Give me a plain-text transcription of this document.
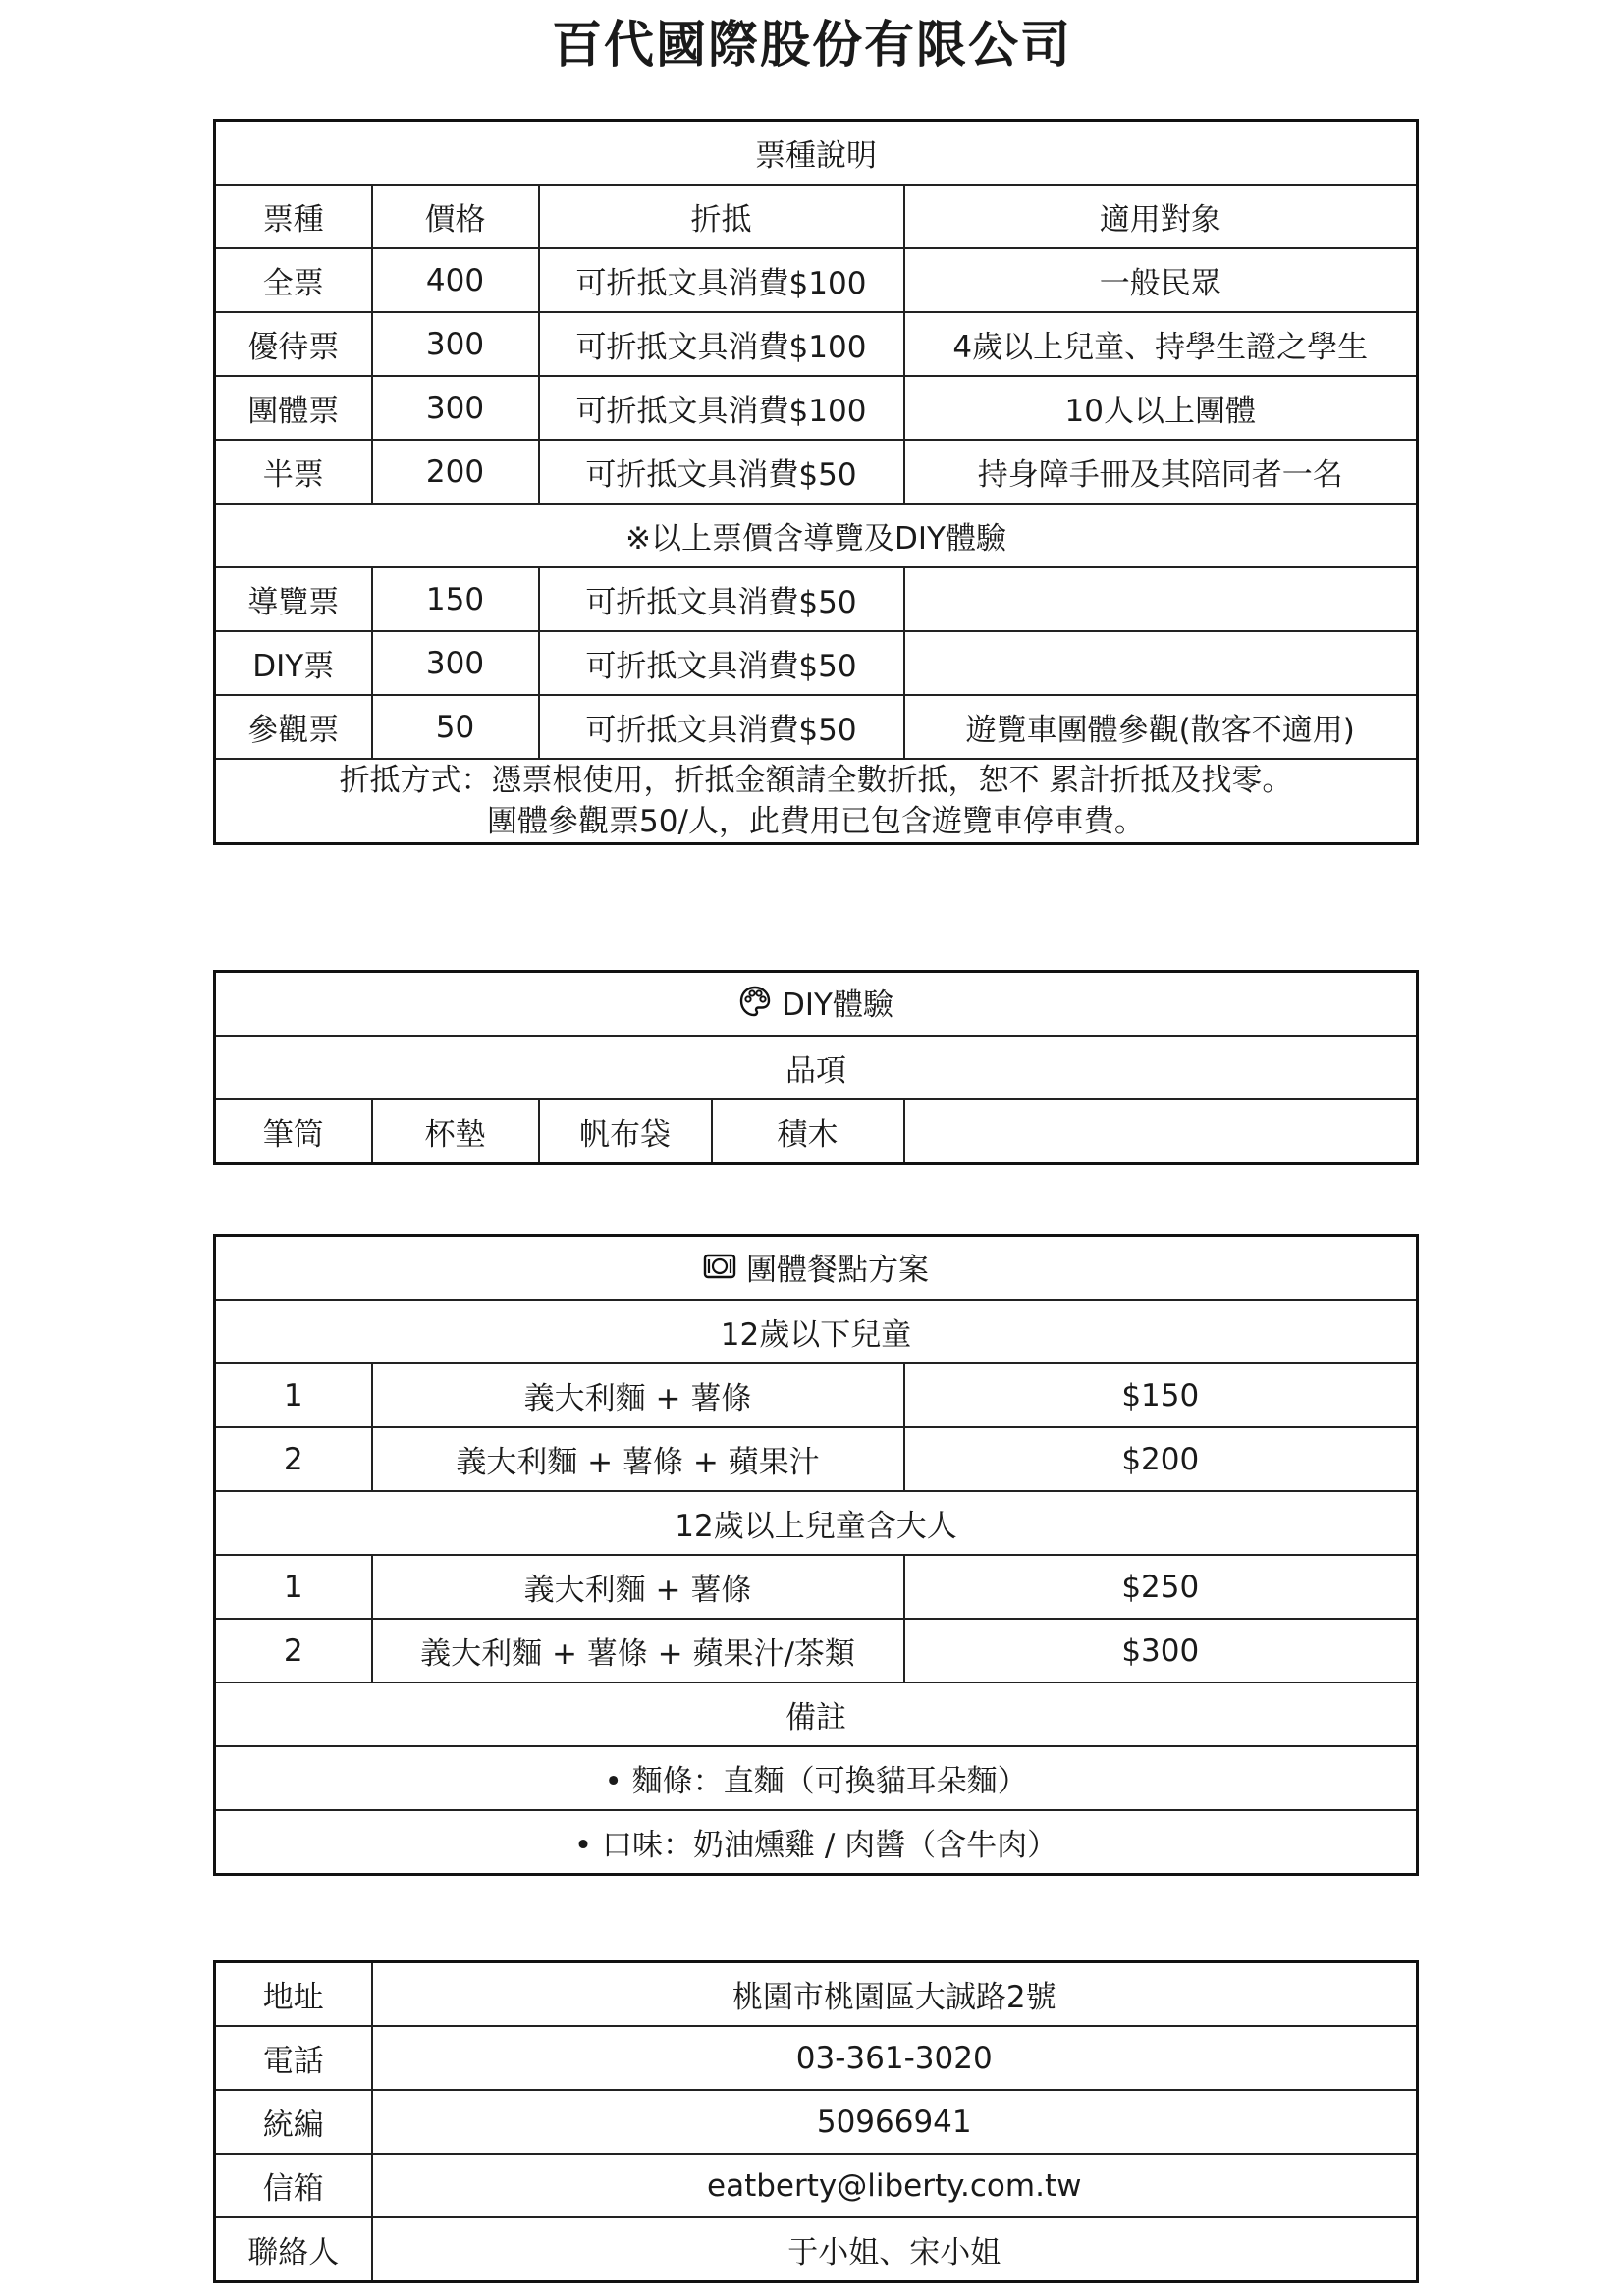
百代國際股份有限公司
票種說明			
票種	價格	折抵	適用對象
全票	400	可折抵文具消費$100	一般民眾
優待票	300	可折抵文具消費$100	4歲以上兒童、持學生證之學生
團體票	300	可折抵文具消費$100	10人以上團體
半票	200	可折抵文具消費$50	持身障手冊及其陪同者一名
※以上票價含導覽及DIY體驗			
導覽票	150	可折抵文具消費$50	
DIY票	300	可折抵文具消費$50	
參觀票	50	可折抵文具消費$50	遊覽車團體參觀(散客不適用)

折抵方式：憑票根使用，折抵金額請全數折抵，恕不 累計折抵及找零。
團體參觀票50/人，此費用已包含遊覽車停車費。			
DIY體驗
品項
筆筒	杯墊	帆布袋	積木	
團體餐點方案		
12歲以下兒童		
1	義大利麵 + 薯條	$150
2	義大利麵 + 薯條 + 蘋果汁	$200
12歲以上兒童含大人		
1	義大利麵 + 薯條	$250
2	義大利麵 + 薯條 + 蘋果汁/茶類	$300
備註		
• 麵條：直麵（可換貓耳朵麵）		
• 口味：奶油燻雞 / 肉醬（含牛肉）		
地址	桃園市桃園區大誠路2號
電話	03-361-3020
統編	50966941
信箱	eatberty@liberty.com.tw
聯絡人	于小姐、宋小姐
